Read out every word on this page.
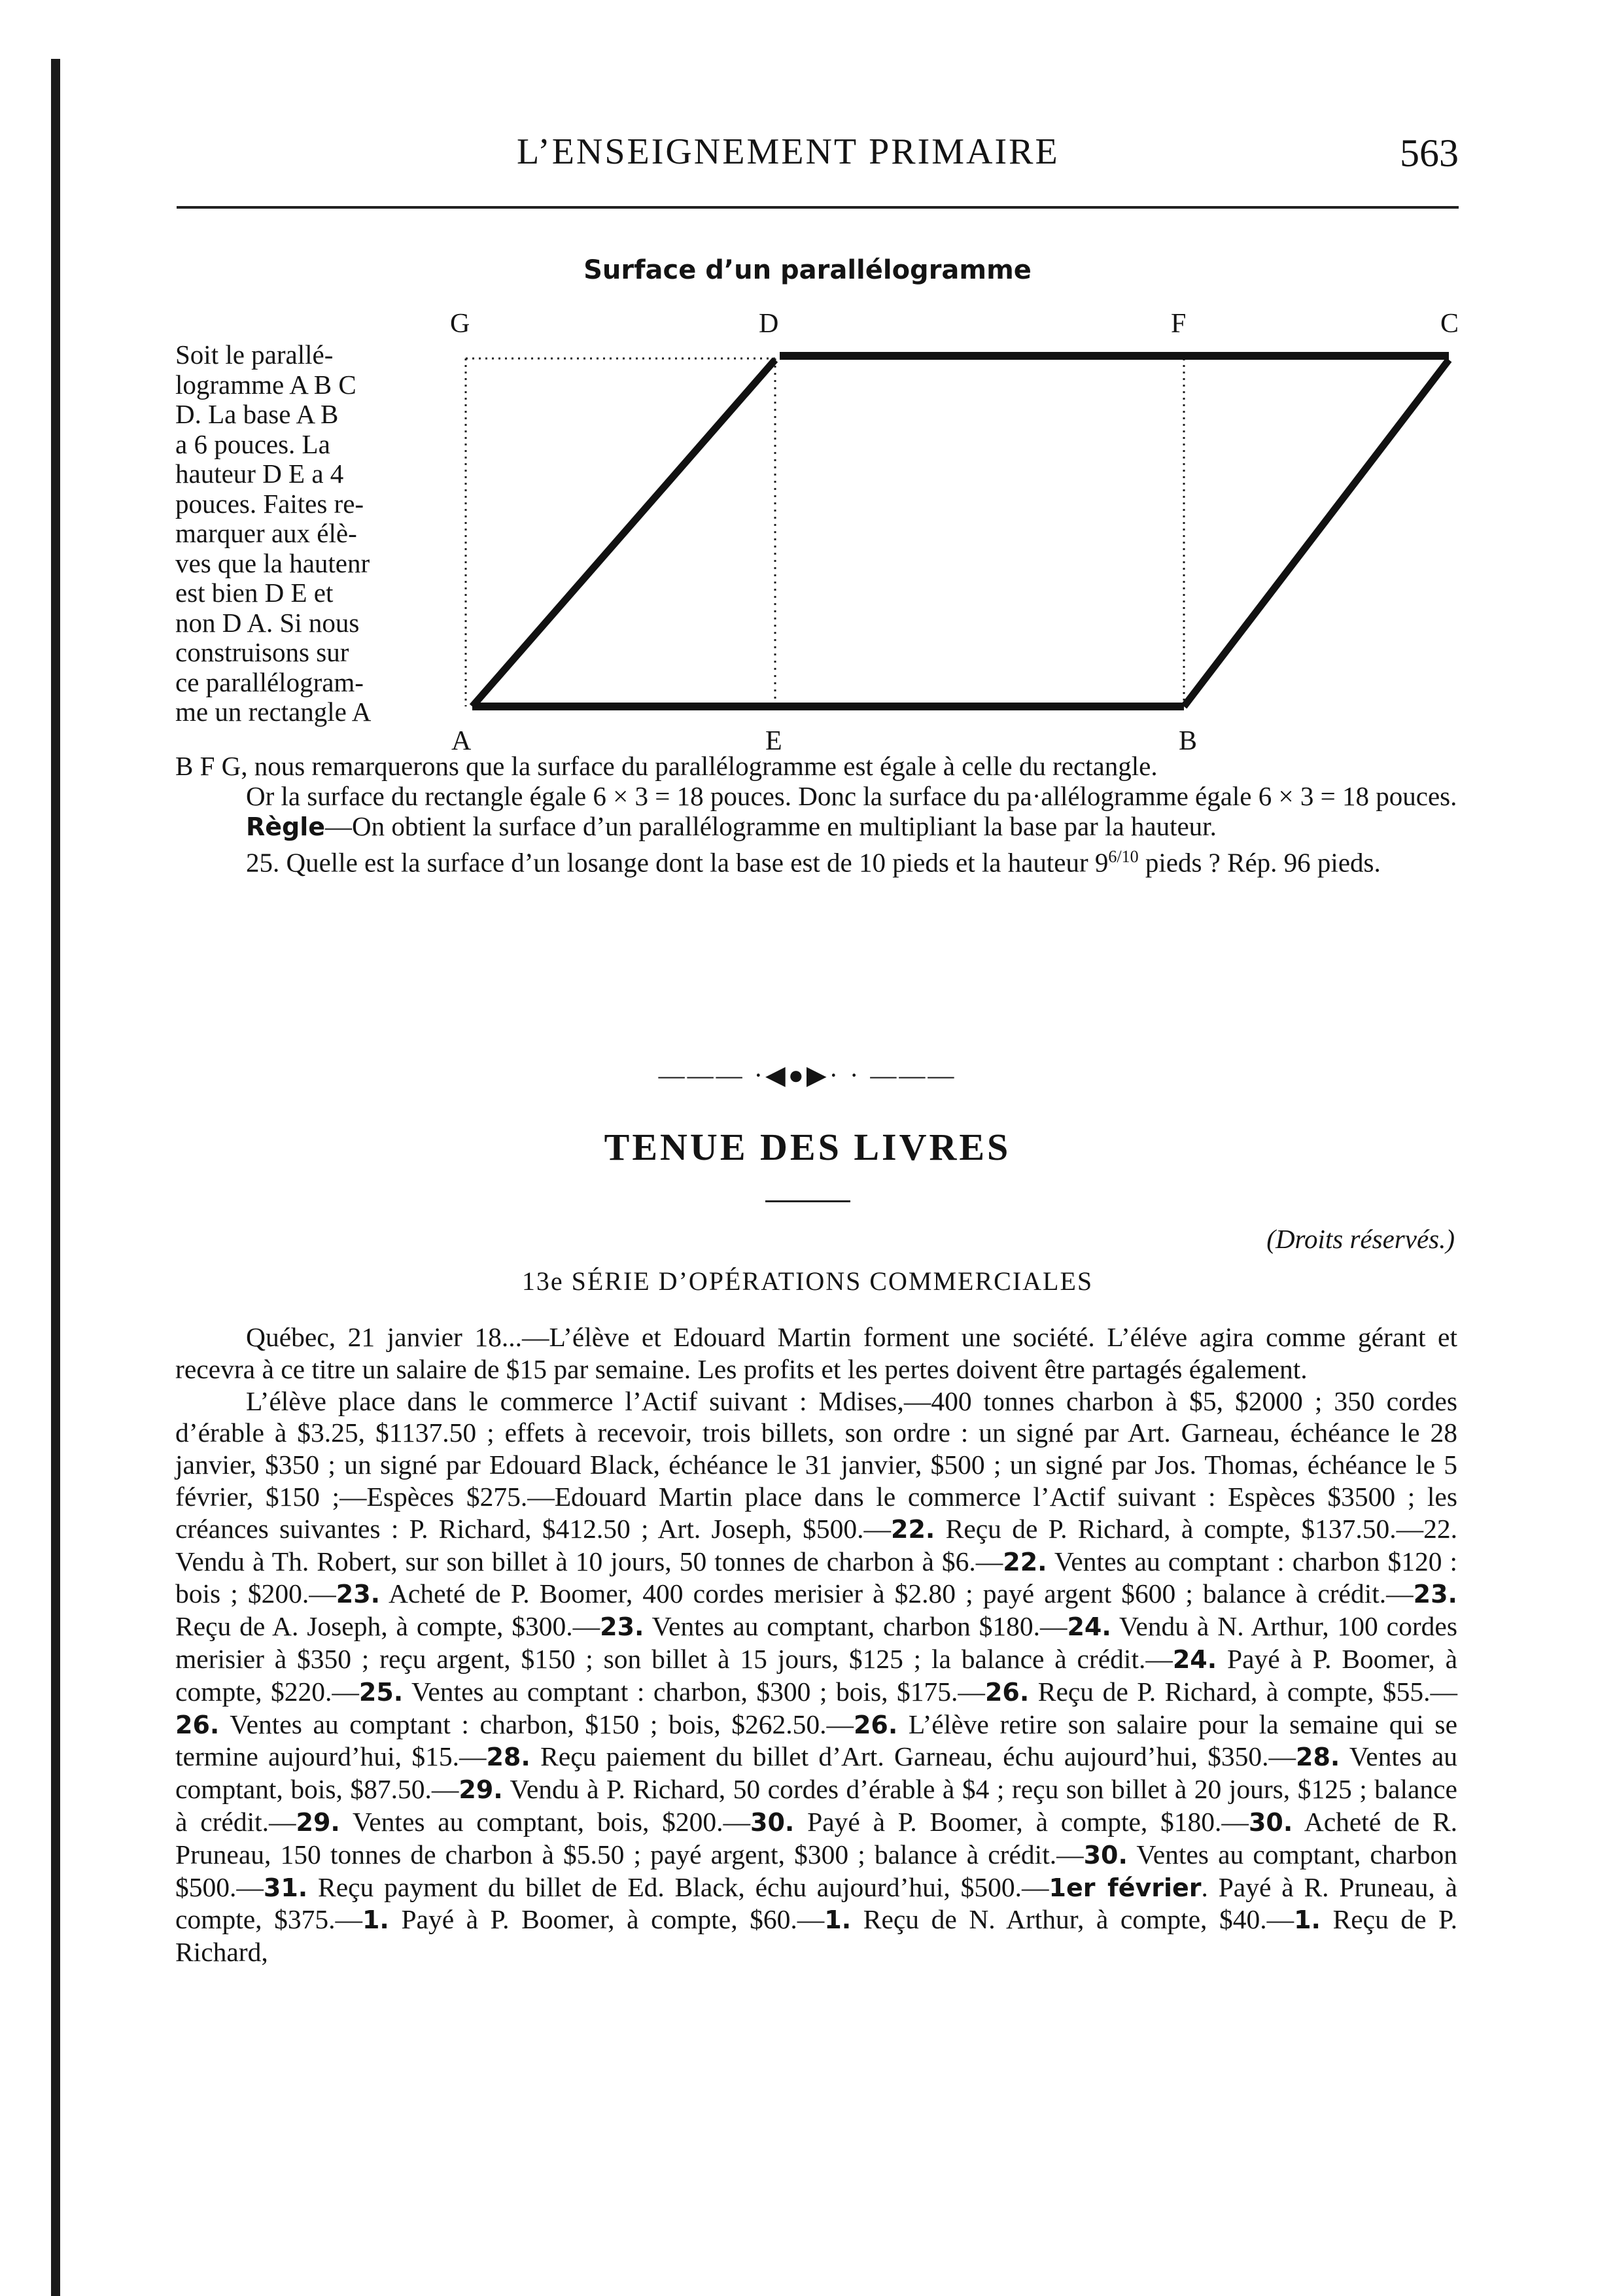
L’ENSEIGNEMENT PRIMAIRE	563
Surface d’un parallélogramme
G	D	F	C
A	E	B
Soit le parallé-
logramme A B C
D. La base A B
a 6 pouces. La
hauteur D E a 4
pouces. Faites re-
marquer aux élè-
ves que la hautenr
est bien D E et
non D A. Si nous
construisons sur
ce parallélogram-
me un rectangle A

B F G, nous remarquerons que la surface du parallélogramme est égale à celle du rectangle.

Or la surface du rectangle égale 6 × 3 = 18 pouces. Donc la surface du pa·allélogramme égale 6 × 3 = 18 pouces.

Règle—On obtient la surface d’un parallélogramme en multipliant la base par la hauteur.

25. Quelle est la surface d’un losange dont la base est de 10 pieds et la hauteur $9^{6/10}$ pieds ? Rép. 96 pieds.

——— ·◀●▶· · ———
TENUE DES LIVRES
(Droits réservés.)
13e SÉRIE D’OPÉRATIONS COMMERCIALES

Québec, 21 janvier 18...—L’élève et Edouard Martin forment une société. L’éléve agira comme gérant et recevra à ce titre un salaire de $15 par semaine. Les profits et les pertes doivent être partagés également.

L’élève place dans le commerce l’Actif suivant : Mdises,—400 tonnes charbon à $5, $2000 ; 350 cordes d’érable à $3.25, $1137.50 ; effets à recevoir, trois billets, son ordre : un signé par Art. Garneau, échéance le 28 janvier, $350 ; un signé par Edouard Black, échéance le 31 janvier, $500 ; un signé par Jos. Thomas, échéance le 5 février, $150 ;—Espèces $275.—Edouard Martin place dans le commerce l’Actif suivant : Espèces $3500 ; les créances suivantes : P. Richard, $412.50 ; Art. Joseph, $500.—22. Reçu de P. Richard, à compte, $137.50.—22. Vendu à Th. Robert, sur son billet à 10 jours, 50 tonnes de charbon à $6.—22. Ventes au comptant : charbon $120 : bois ; $200.—23. Acheté de P. Boomer, 400 cordes merisier à $2.80 ; payé argent $600 ; balance à crédit.—23. Reçu de A. Joseph, à compte, $300.—23. Ventes au comptant, charbon $180.—24. Vendu à N. Arthur, 100 cordes merisier à $350 ; reçu argent, $150 ; son billet à 15 jours, $125 ; la balance à crédit.—24. Payé à P. Boomer, à compte, $220.—25. Ventes au comptant : charbon, $300 ; bois, $175.—26. Reçu de P. Richard, à compte, $55.—26. Ventes au comptant : charbon, $150 ; bois, $262.50.—26. L’élève retire son salaire pour la semaine qui se termine aujourd’hui, $15.—28. Reçu paiement du billet d’Art. Garneau, échu aujourd’hui, $350.—28. Ventes au comptant, bois, $87.50.—29. Vendu à P. Richard, 50 cordes d’érable à $4 ; reçu son billet à 20 jours, $125 ; balance à crédit.—29. Ventes au comptant, bois, $200.—30. Payé à P. Boomer, à compte, $180.—30. Acheté de R. Pruneau, 150 tonnes de charbon à $5.50 ; payé argent, $300 ; balance à crédit.—30. Ventes au comptant, charbon $500.—31. Reçu payment du billet de Ed. Black, échu aujourd’hui, $500.—1er février. Payé à R. Pruneau, à compte, $375.—1. Payé à P. Boomer, à compte, $60.—1. Reçu de N. Arthur, à compte, $40.—1. Reçu de P. Richard,
